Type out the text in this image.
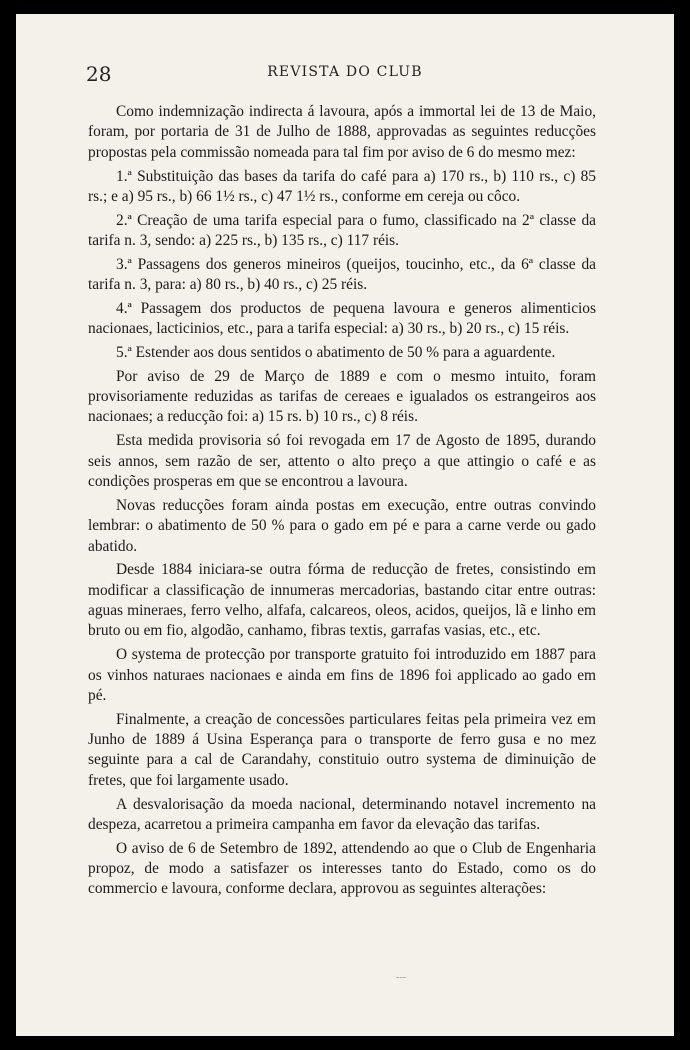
28	REVISTA DO CLUB

Como indemnização indirecta á lavoura, após a immortal lei de 13 de Maio, foram, por portaria de 31 de Julho de 1888, approvadas as seguintes reducções propostas pela commissão nomeada para tal fim por aviso de 6 do mesmo mez:

1.ª Substituição das bases da tarifa do café para a) 170 rs., b) 110 rs., c) 85 rs.; e a) 95 rs., b) 66 1½ rs., c) 47 1½ rs., conforme em cereja ou côco.

2.ª Creação de uma tarifa especial para o fumo, classificado na 2ª classe da tarifa n. 3, sendo: a) 225 rs., b) 135 rs., c) 117 réis.

3.ª Passagens dos generos mineiros (queijos, toucinho, etc., da 6ª classe da tarifa n. 3, para: a) 80 rs., b) 40 rs., c) 25 réis.

4.ª Passagem dos productos de pequena lavoura e generos alimenticios nacionaes, lacticinios, etc., para a tarifa especial: a) 30 rs., b) 20 rs., c) 15 réis.

5.ª Estender aos dous sentidos o abatimento de 50 % para a aguardente.

Por aviso de 29 de Março de 1889 e com o mesmo intuito, foram provisoriamente reduzidas as tarifas de cereaes e igualados os estrangeiros aos nacionaes; a reducção foi: a) 15 rs. b) 10 rs., c) 8 réis.

Esta medida provisoria só foi revogada em 17 de Agosto de 1895, durando seis annos, sem razão de ser, attento o alto preço a que attingio o café e as condições prosperas em que se encontrou a lavoura.

Novas reducções foram ainda postas em execução, entre outras convindo lembrar: o abatimento de 50 % para o gado em pé e para a carne verde ou gado abatido.

Desde 1884 iniciara-se outra fórma de reducção de fretes, consistindo em modificar a classificação de innumeras mercadorias, bastando citar entre outras: aguas mineraes, ferro velho, alfafa, calcareos, oleos, acidos, queijos, lã e linho em bruto ou em fio, algodão, canhamo, fibras textis, garrafas vasias, etc., etc.

O systema de protecção por transporte gratuito foi introduzido em 1887 para os vinhos naturaes nacionaes e ainda em fins de 1896 foi applicado ao gado em pé.

Finalmente, a creação de concessões particulares feitas pela primeira vez em Junho de 1889 á Usina Esperança para o transporte de ferro gusa e no mez seguinte para a cal de Carandahy, constituio outro systema de diminuição de fretes, que foi largamente usado.

A desvalorisação da moeda nacional, determinando notavel incremento na despeza, acarretou a primeira campanha em favor da elevação das tarifas.

O aviso de 6 de Setembro de 1892, attendendo ao que o Club de Engenharia propoz, de modo a satisfazer os interesses tanto do Estado, como os do commercio e lavoura, conforme declara, approvou as seguintes alterações:

---
